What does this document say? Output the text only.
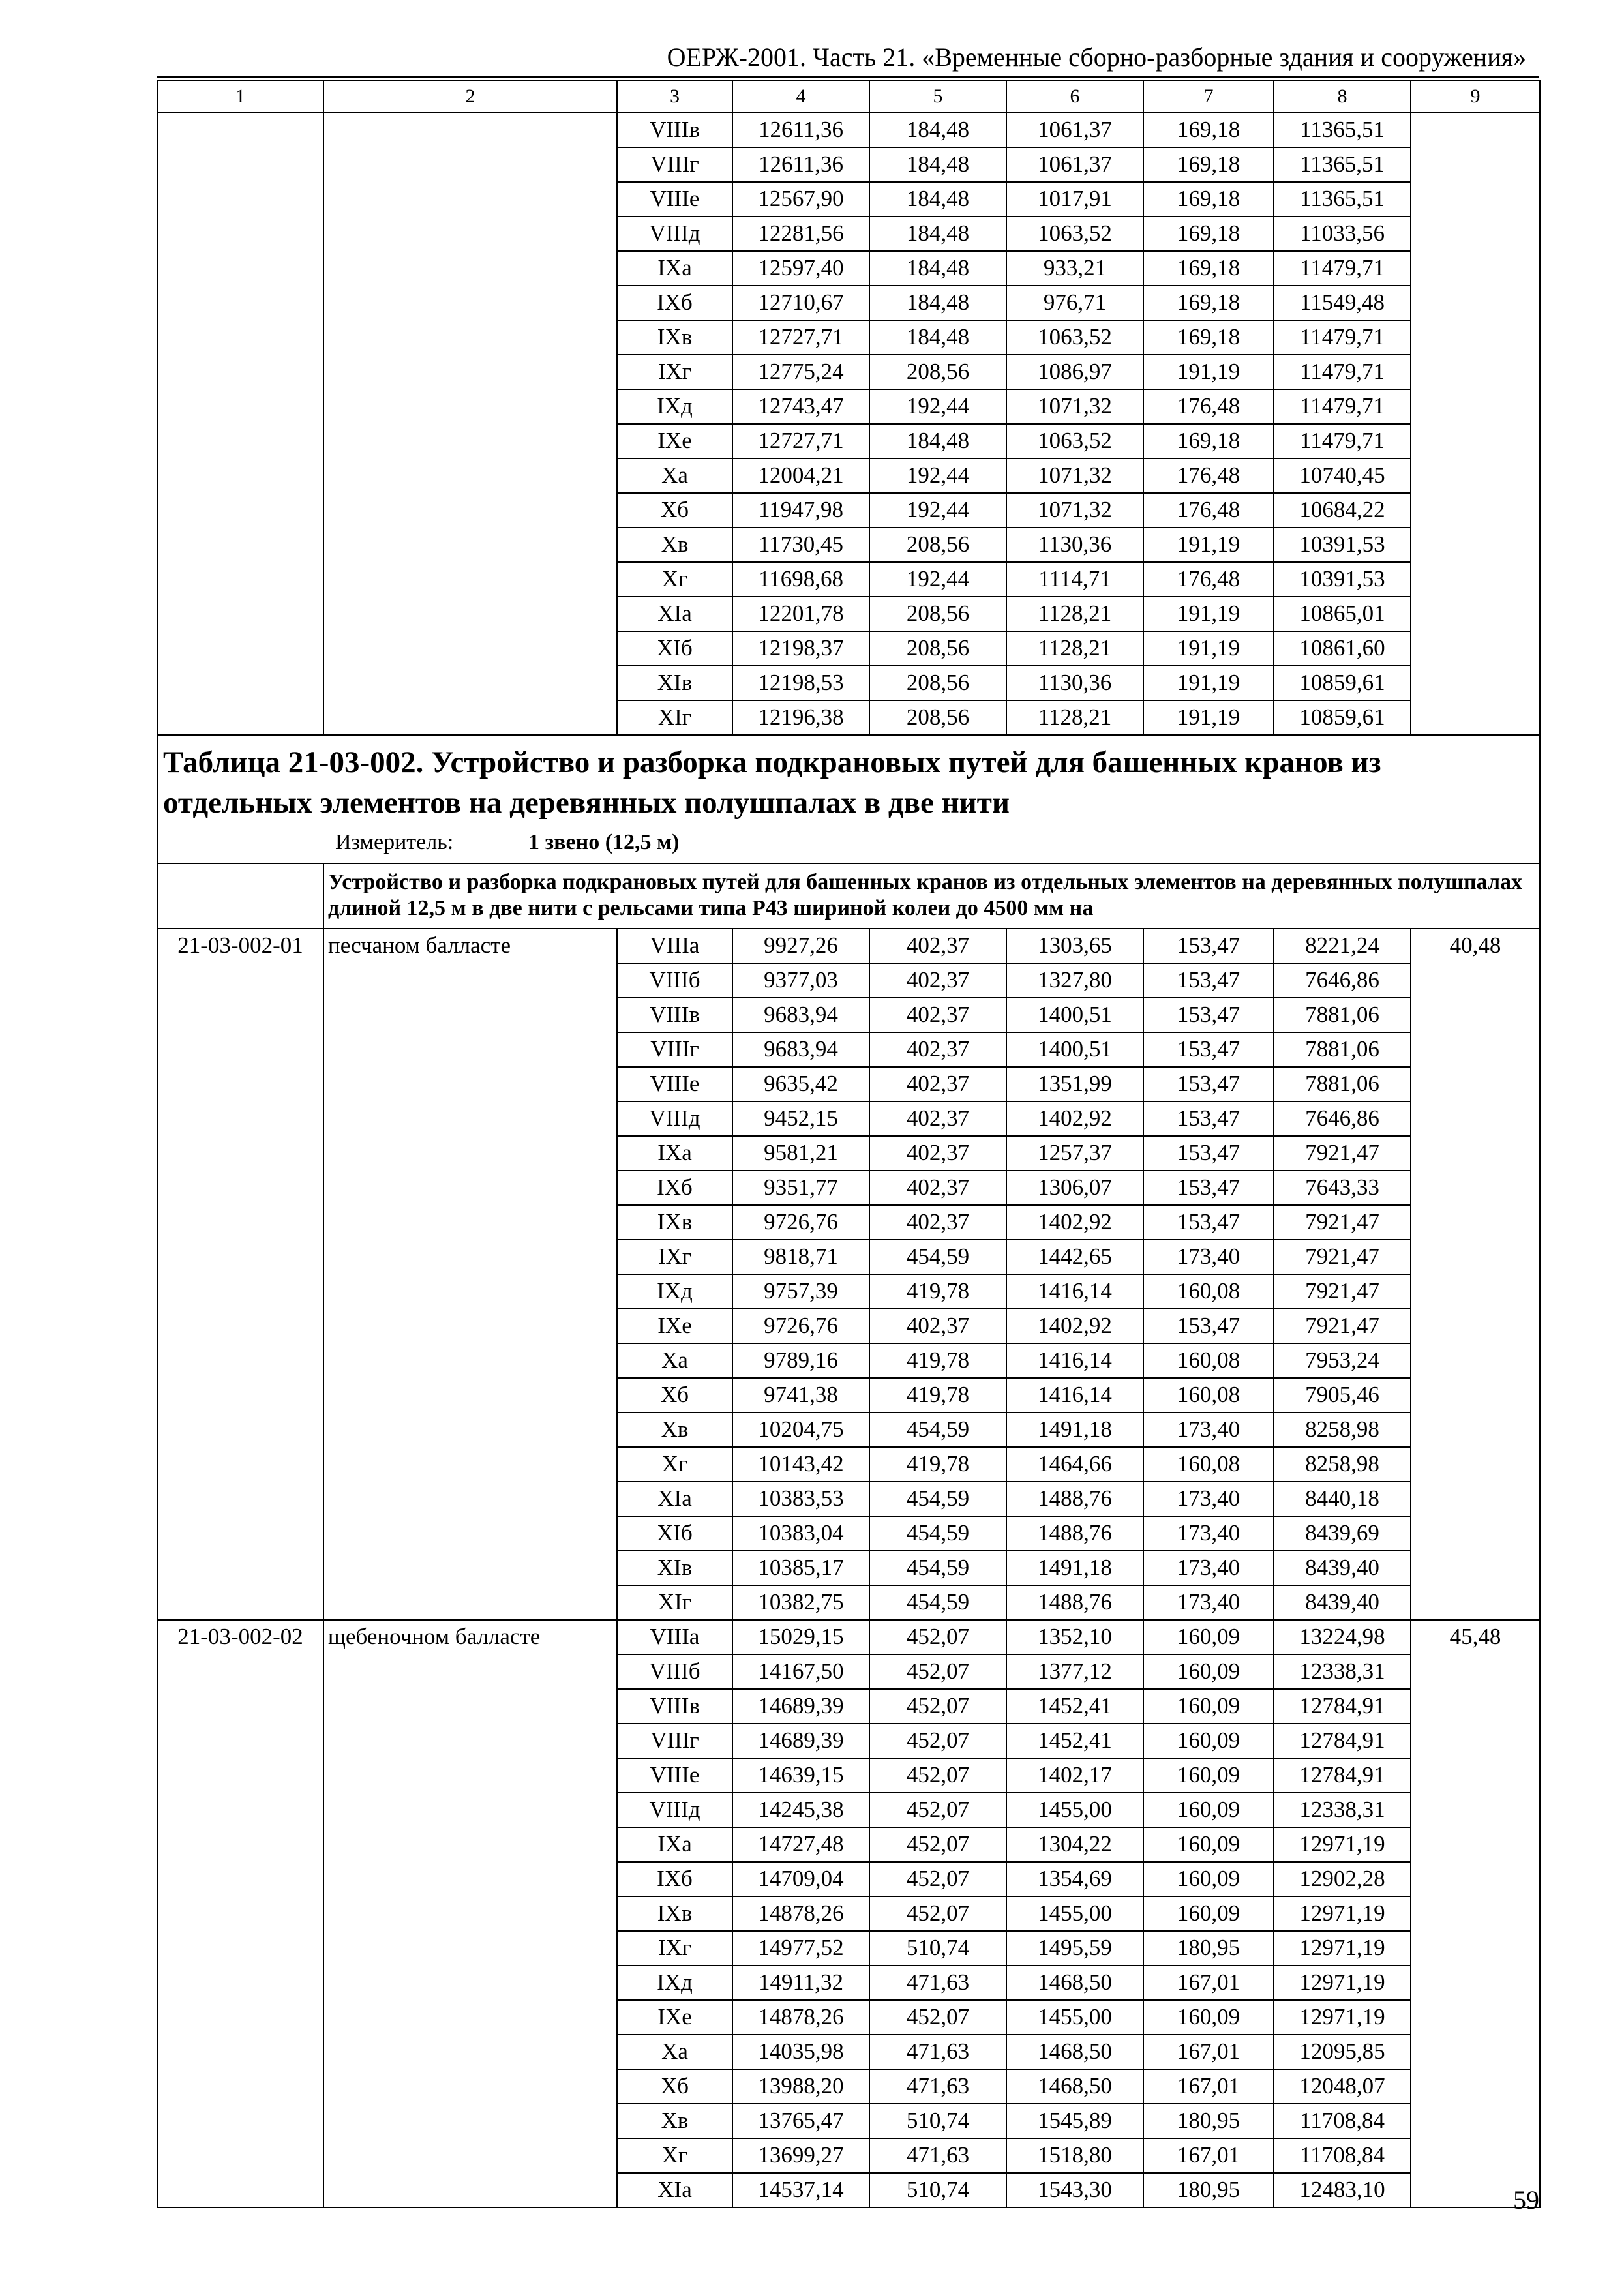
ОЕРЖ-2001. Часть 21. «Временные сборно-разборные здания и сооружения»
1	2	3	4	5	6	7	8	9
		VIIIв	12611,36	184,48	1061,37	169,18	11365,51	
		VIIIг	12611,36	184,48	1061,37	169,18	11365,51	
		VIIIе	12567,90	184,48	1017,91	169,18	11365,51	
		VIIIд	12281,56	184,48	1063,52	169,18	11033,56	
		IXа	12597,40	184,48	933,21	169,18	11479,71	
		IXб	12710,67	184,48	976,71	169,18	11549,48	
		IXв	12727,71	184,48	1063,52	169,18	11479,71	
		IXг	12775,24	208,56	1086,97	191,19	11479,71	
		IXд	12743,47	192,44	1071,32	176,48	11479,71	
		IXе	12727,71	184,48	1063,52	169,18	11479,71	
		Xа	12004,21	192,44	1071,32	176,48	10740,45	
		Xб	11947,98	192,44	1071,32	176,48	10684,22	
		Xв	11730,45	208,56	1130,36	191,19	10391,53	
		Xг	11698,68	192,44	1114,71	176,48	10391,53	
		XIа	12201,78	208,56	1128,21	191,19	10865,01	
		XIб	12198,37	208,56	1128,21	191,19	10861,60	
		XIв	12198,53	208,56	1130,36	191,19	10859,61	
		XIг	12196,38	208,56	1128,21	191,19	10859,61	

Таблица 21-03-002. Устройство и разборка подкрановых путей для башенных кранов из отдельных элементов на деревянных полушпалах в две нити
Измеритель: 1 звено (12,5 м)								

	Устройство и разборка подкрановых путей для башенных кранов из отдельных элементов на деревянных полушпалах длиной 12,5 м в две нити с рельсами типа Р43 шириной колеи до 4500 мм на							
21-03-002-01	песчаном балласте	VIIIа	9927,26	402,37	1303,65	153,47	8221,24	40,48
		VIIIб	9377,03	402,37	1327,80	153,47	7646,86	
		VIIIв	9683,94	402,37	1400,51	153,47	7881,06	
		VIIIг	9683,94	402,37	1400,51	153,47	7881,06	
		VIIIе	9635,42	402,37	1351,99	153,47	7881,06	
		VIIIд	9452,15	402,37	1402,92	153,47	7646,86	
		IXа	9581,21	402,37	1257,37	153,47	7921,47	
		IXб	9351,77	402,37	1306,07	153,47	7643,33	
		IXв	9726,76	402,37	1402,92	153,47	7921,47	
		IXг	9818,71	454,59	1442,65	173,40	7921,47	
		IXд	9757,39	419,78	1416,14	160,08	7921,47	
		IXе	9726,76	402,37	1402,92	153,47	7921,47	
		Xа	9789,16	419,78	1416,14	160,08	7953,24	
		Xб	9741,38	419,78	1416,14	160,08	7905,46	
		Xв	10204,75	454,59	1491,18	173,40	8258,98	
		Xг	10143,42	419,78	1464,66	160,08	8258,98	
		XIа	10383,53	454,59	1488,76	173,40	8440,18	
		XIб	10383,04	454,59	1488,76	173,40	8439,69	
		XIв	10385,17	454,59	1491,18	173,40	8439,40	
		XIг	10382,75	454,59	1488,76	173,40	8439,40	
21-03-002-02	щебеночном балласте	VIIIа	15029,15	452,07	1352,10	160,09	13224,98	45,48
		VIIIб	14167,50	452,07	1377,12	160,09	12338,31	
		VIIIв	14689,39	452,07	1452,41	160,09	12784,91	
		VIIIг	14689,39	452,07	1452,41	160,09	12784,91	
		VIIIе	14639,15	452,07	1402,17	160,09	12784,91	
		VIIIд	14245,38	452,07	1455,00	160,09	12338,31	
		IXа	14727,48	452,07	1304,22	160,09	12971,19	
		IXб	14709,04	452,07	1354,69	160,09	12902,28	
		IXв	14878,26	452,07	1455,00	160,09	12971,19	
		IXг	14977,52	510,74	1495,59	180,95	12971,19	
		IXд	14911,32	471,63	1468,50	167,01	12971,19	
		IXе	14878,26	452,07	1455,00	160,09	12971,19	
		Xа	14035,98	471,63	1468,50	167,01	12095,85	
		Xб	13988,20	471,63	1468,50	167,01	12048,07	
		Xв	13765,47	510,74	1545,89	180,95	11708,84	
		Xг	13699,27	471,63	1518,80	167,01	11708,84	
		XIа	14537,14	510,74	1543,30	180,95	12483,10		59
